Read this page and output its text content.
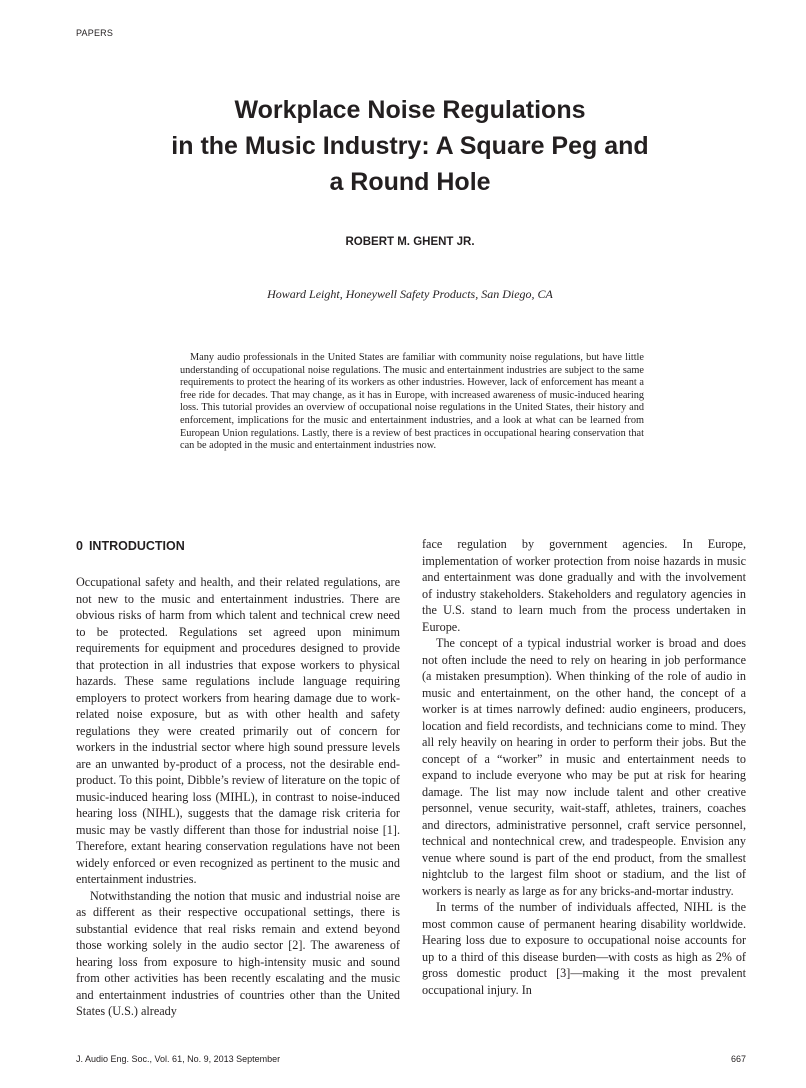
PAPERS
Workplace Noise Regulations
in the Music Industry: A Square Peg and
a Round Hole
ROBERT M. GHENT JR.
Howard Leight, Honeywell Safety Products, San Diego, CA

Many audio professionals in the United States are familiar with community noise regulations, but have little understanding of occupational noise regulations. The music and entertainment industries are subject to the same requirements to protect the hearing of its workers as other industries. However, lack of enforcement has meant a free ride for decades. That may change, as it has in Europe, with increased awareness of music-induced hearing loss. This tutorial provides an overview of occupational noise regulations in the United States, their history and enforcement, implications for the music and entertainment industries, and a look at what can be learned from European Union regulations. Lastly, there is a review of best practices in occupational hearing conservation that can be adopted in the music and entertainment industries now.

0 INTRODUCTION

Occupational safety and health, and their related regulations, are not new to the music and entertainment industries. There are obvious risks of harm from which talent and technical crew need to be protected. Regulations set agreed upon minimum requirements for equipment and procedures designed to provide that protection in all industries that expose workers to physical hazards. These same regulations include language requiring employers to protect workers from hearing damage due to work-related noise exposure, but as with other health and safety regulations they were created primarily out of concern for workers in the industrial sector where high sound pressure levels are an unwanted by-product of a process, not the desirable end-product. To this point, Dibble’s review of literature on the topic of music-induced hearing loss (MIHL), in contrast to noise-induced hearing loss (NIHL), suggests that the damage risk criteria for music may be vastly different than those for industrial noise [1]. Therefore, extant hearing conservation regulations have not been widely enforced or even recognized as pertinent to the music and entertainment industries.

Notwithstanding the notion that music and industrial noise are as different as their respective occupational settings, there is substantial evidence that real risks remain and extend beyond those working solely in the audio sector [2]. The awareness of hearing loss from exposure to high-intensity music and sound from other activities has been recently escalating and the music and entertainment industries of countries other than the United States (U.S.) already

face regulation by government agencies. In Europe, implementation of worker protection from noise hazards in music and entertainment was done gradually and with the involvement of industry stakeholders. Stakeholders and regulatory agencies in the U.S. stand to learn much from the process undertaken in Europe.

The concept of a typical industrial worker is broad and does not often include the need to rely on hearing in job performance (a mistaken presumption). When thinking of the role of audio in music and entertainment, on the other hand, the concept of a worker is at times narrowly defined: audio engineers, producers, location and field recordists, and technicians come to mind. They all rely heavily on hearing in order to perform their jobs. But the concept of a “worker” in music and entertainment needs to expand to include everyone who may be put at risk for hearing damage. The list may now include talent and other creative personnel, venue security, wait-staff, athletes, trainers, coaches and directors, administrative personnel, craft service personnel, technical and nontechnical crew, and tradespeople. Envision any venue where sound is part of the end product, from the smallest nightclub to the largest film shoot or stadium, and the list of workers is nearly as large as for any bricks-and-mortar industry.

In terms of the number of individuals affected, NIHL is the most common cause of permanent hearing disability worldwide. Hearing loss due to exposure to occupational noise accounts for up to a third of this disease burden—with costs as high as 2% of gross domestic product [3]—making it the most prevalent occupational injury. In

J. Audio Eng. Soc., Vol. 61, No. 9, 2013 September	667
